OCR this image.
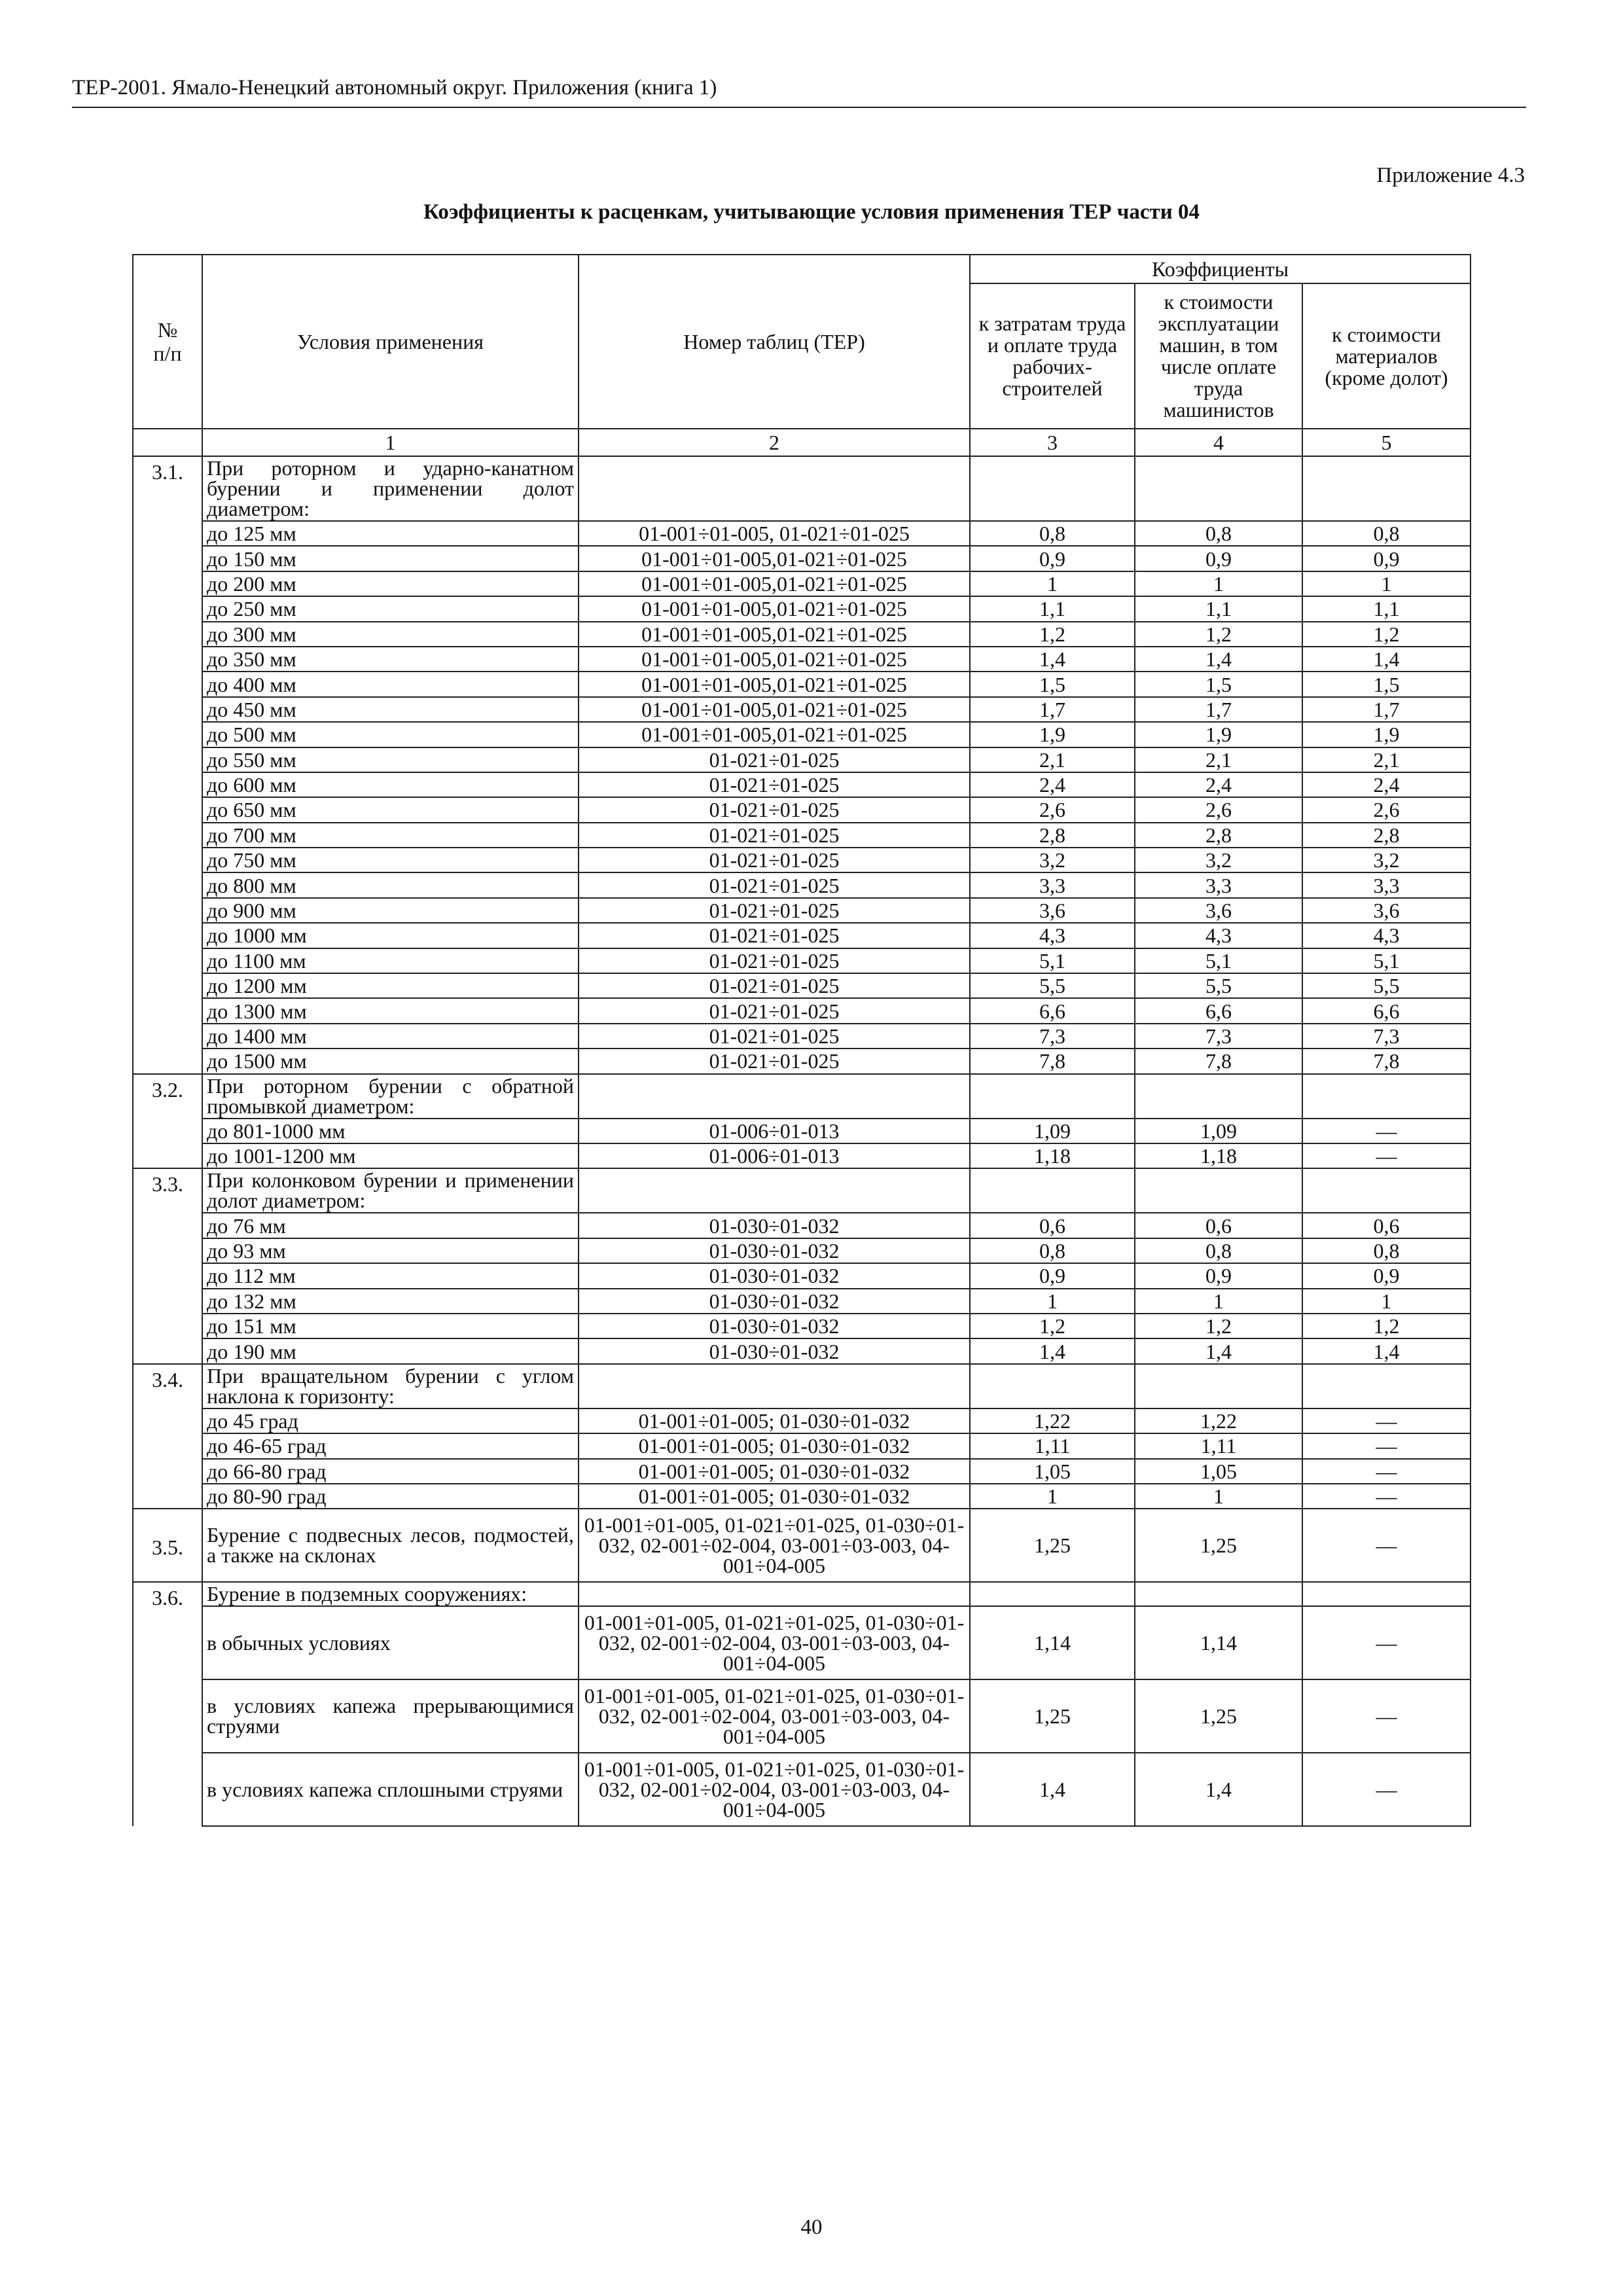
ТЕР-2001. Ямало-Ненецкий автономный округ. Приложения (книга 1)
Приложение 4.3
Коэффициенты к расценкам, учитывающие условия применения ТЕР части 04
№
п/п	Условия применения	Номер таблиц (ТЕР)	Коэффициенты		
			к затратам труда и оплате труда рабочих-строителей	к стоимости эксплуатации машин, в том числе оплате труда машинистов	к стоимости материалов (кроме долот)
	1	2	3	4	5
3.1.	При роторном и ударно-канатном бурении и применении долот диаметром:				
	до 125 мм	01-001÷01-005, 01-021÷01-025	0,8	0,8	0,8
	до 150 мм	01-001÷01-005,01-021÷01-025	0,9	0,9	0,9
	до 200 мм	01-001÷01-005,01-021÷01-025	1	1	1
	до 250 мм	01-001÷01-005,01-021÷01-025	1,1	1,1	1,1
	до 300 мм	01-001÷01-005,01-021÷01-025	1,2	1,2	1,2
	до 350 мм	01-001÷01-005,01-021÷01-025	1,4	1,4	1,4
	до 400 мм	01-001÷01-005,01-021÷01-025	1,5	1,5	1,5
	до 450 мм	01-001÷01-005,01-021÷01-025	1,7	1,7	1,7
	до 500 мм	01-001÷01-005,01-021÷01-025	1,9	1,9	1,9
	до 550 мм	01-021÷01-025	2,1	2,1	2,1
	до 600 мм	01-021÷01-025	2,4	2,4	2,4
	до 650 мм	01-021÷01-025	2,6	2,6	2,6
	до 700 мм	01-021÷01-025	2,8	2,8	2,8
	до 750 мм	01-021÷01-025	3,2	3,2	3,2
	до 800 мм	01-021÷01-025	3,3	3,3	3,3
	до 900 мм	01-021÷01-025	3,6	3,6	3,6
	до 1000 мм	01-021÷01-025	4,3	4,3	4,3
	до 1100 мм	01-021÷01-025	5,1	5,1	5,1
	до 1200 мм	01-021÷01-025	5,5	5,5	5,5
	до 1300 мм	01-021÷01-025	6,6	6,6	6,6
	до 1400 мм	01-021÷01-025	7,3	7,3	7,3
	до 1500 мм	01-021÷01-025	7,8	7,8	7,8
3.2.	При роторном бурении с обратной промывкой диаметром:				
	до 801-1000 мм	01-006÷01-013	1,09	1,09	—
	до 1001-1200 мм	01-006÷01-013	1,18	1,18	—
3.3.	При колонковом бурении и применении долот диаметром:				
	до 76 мм	01-030÷01-032	0,6	0,6	0,6
	до 93 мм	01-030÷01-032	0,8	0,8	0,8
	до 112 мм	01-030÷01-032	0,9	0,9	0,9
	до 132 мм	01-030÷01-032	1	1	1
	до 151 мм	01-030÷01-032	1,2	1,2	1,2
	до 190 мм	01-030÷01-032	1,4	1,4	1,4
3.4.	При вращательном бурении с углом наклона к горизонту:				
	до 45 град	01-001÷01-005; 01-030÷01-032	1,22	1,22	—
	до 46-65 град	01-001÷01-005; 01-030÷01-032	1,11	1,11	—
	до 66-80 град	01-001÷01-005; 01-030÷01-032	1,05	1,05	—
	до 80-90 град	01-001÷01-005; 01-030÷01-032	1	1	—
3.5.	Бурение с подвесных лесов, подмостей, а также на склонах	01-001÷01-005, 01-021÷01-025, 01-030÷01-032, 02-001÷02-004, 03-001÷03-003, 04-001÷04-005	1,25	1,25	—
3.6.	Бурение в подземных сооружениях:				
	в обычных условиях	01-001÷01-005, 01-021÷01-025, 01-030÷01-032, 02-001÷02-004, 03-001÷03-003, 04-001÷04-005	1,14	1,14	—
	в условиях капежа прерывающимися струями	01-001÷01-005, 01-021÷01-025, 01-030÷01-032, 02-001÷02-004, 03-001÷03-003, 04-001÷04-005	1,25	1,25	—
	в условиях капежа сплошными струями	01-001÷01-005, 01-021÷01-025, 01-030÷01-032, 02-001÷02-004, 03-001÷03-003, 04-001÷04-005	1,4	1,4	—
40
